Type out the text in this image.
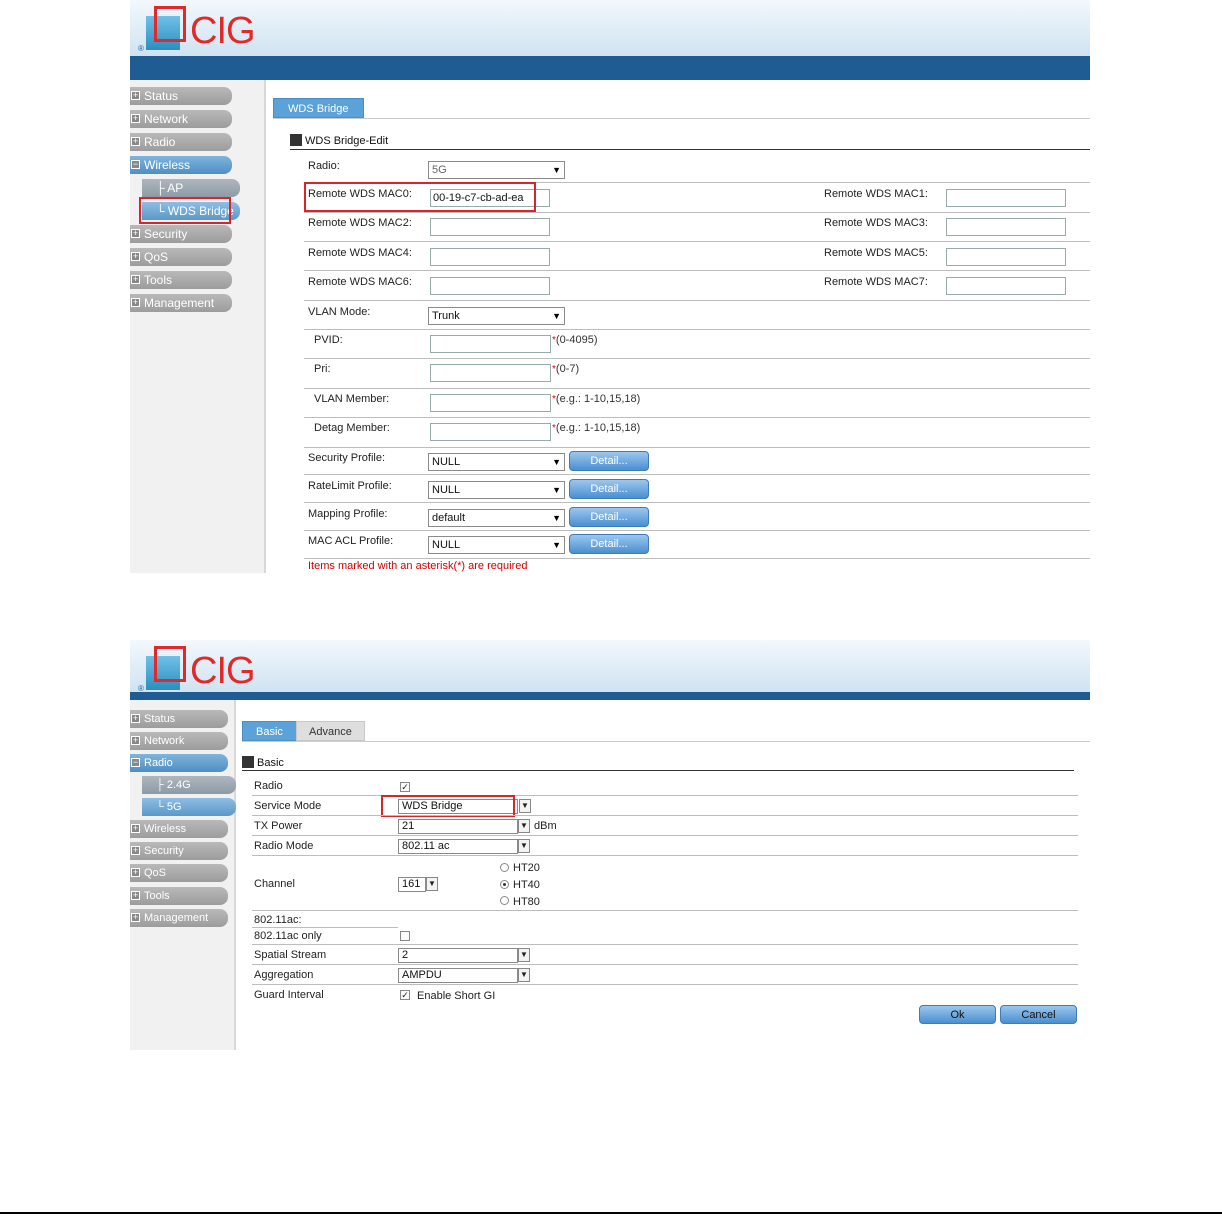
CIG
®
+ Status
+ Network
+ Radio
− Wireless
├ AP
└ WDS Bridge
+ Security
+ QoS
+ Tools
+ Management
WDS Bridge
WDS Bridge-Edit
Radio:	5G	▼
Remote WDS MAC0: 00-19-c7-cb-ad-ea	Remote WDS MAC1:
Remote WDS MAC2:	Remote WDS MAC3:
Remote WDS MAC4:	Remote WDS MAC5:
Remote WDS MAC6:	Remote WDS MAC7:
VLAN Mode:	Trunk	▼
PVID:	*(0-4095)
Pri:	*(0-7)
VLAN Member:	*(e.g.: 1-10,15,18)
Detag Member:	*(e.g.: 1-10,15,18)
Security Profile:	NULL	▼	Detail...
RateLimit Profile:	NULL	▼	Detail...
Mapping Profile:	default	▼	Detail...
MAC ACL Profile:	NULL	▼	Detail...
Items marked with an asterisk(*) are required
CIG
®
+ Status
+ Network
− Radio
├ 2.4G
└ 5G
+ Wireless
+ Security
+ QoS
+ Tools
+ Management
Basic	Advance
Basic
Radio	✓
Service Mode	WDS Bridge	▼
TX Power	21	▼ dBm
Radio Mode	802.11 ac	▼
Channel	161 ▼
HT20
HT40
HT80
802.11ac:
802.11ac only
Spatial Stream	2	▼
Aggregation	AMPDU	▼
Guard Interval	✓ Enable Short GI
Ok	Cancel
